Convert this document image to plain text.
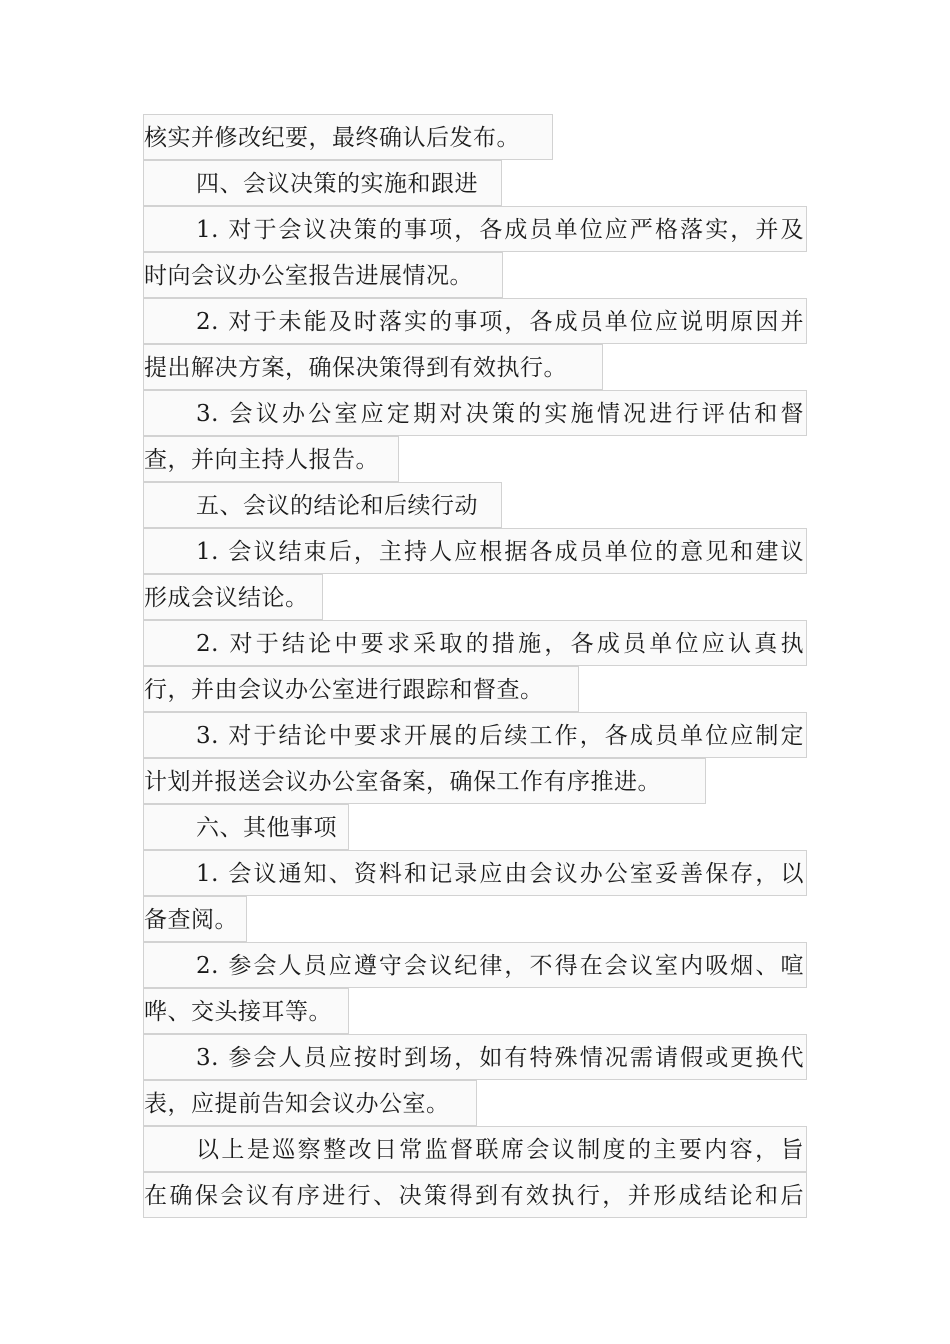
核实并修改纪要，最终确认后发布。
四、会议决策的实施和跟进
1. 对于会议决策的事项，各成员单位应严格落实，并及
时向会议办公室报告进展情况。
2. 对于未能及时落实的事项，各成员单位应说明原因并
提出解决方案，确保决策得到有效执行。
3. 会议办公室应定期对决策的实施情况进行评估和督
查，并向主持人报告。
五、会议的结论和后续行动
1. 会议结束后，主持人应根据各成员单位的意见和建议
形成会议结论。
2. 对于结论中要求采取的措施，各成员单位应认真执
行，并由会议办公室进行跟踪和督查。
3. 对于结论中要求开展的后续工作，各成员单位应制定
计划并报送会议办公室备案，确保工作有序推进。
六、其他事项
1. 会议通知、资料和记录应由会议办公室妥善保存，以
备查阅。
2. 参会人员应遵守会议纪律，不得在会议室内吸烟、喧
哗、交头接耳等。
3. 参会人员应按时到场，如有特殊情况需请假或更换代
表，应提前告知会议办公室。
以上是巡察整改日常监督联席会议制度的主要内容，旨
在确保会议有序进行、决策得到有效执行，并形成结论和后
